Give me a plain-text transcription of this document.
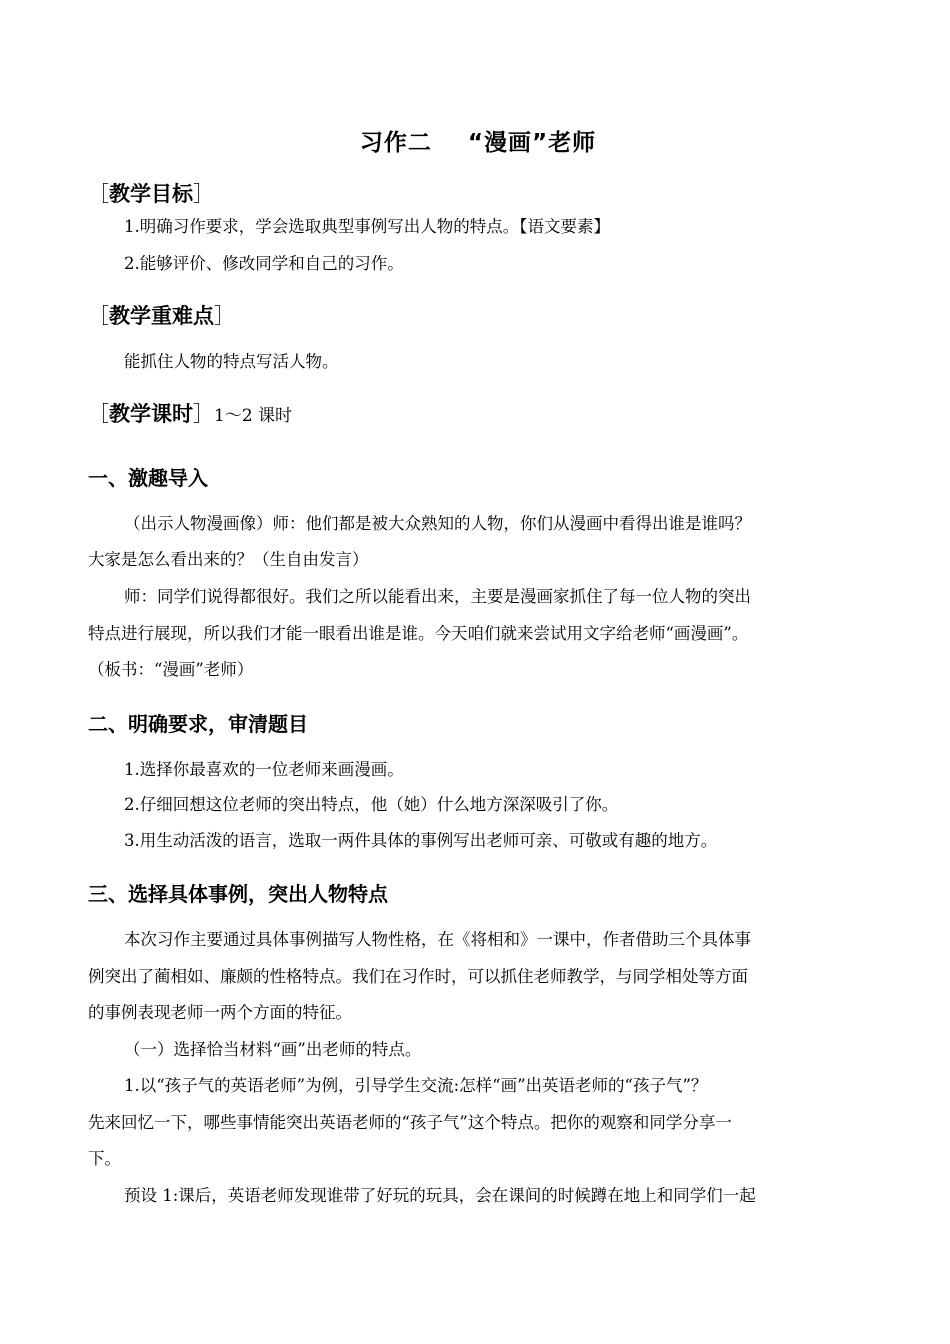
习作二    “漫画”老师
［教学目标］
1.明确习作要求，学会选取典型事例写出人物的特点。【语文要素】
2.能够评价、修改同学和自己的习作。
［教学重难点］
能抓住人物的特点写活人物。
［教学课时］1～2 课时
一、激趣导入
（出示人物漫画像）师：他们都是被大众熟知的人物，你们从漫画中看得出谁是谁吗？
大家是怎么看出来的？（生自由发言）
师：同学们说得都很好。我们之所以能看出来，主要是漫画家抓住了每一位人物的突出
特点进行展现，所以我们才能一眼看出谁是谁。今天咱们就来尝试用文字给老师“画漫画”。
（板书：“漫画”老师）
二、明确要求，审清题目
1.选择你最喜欢的一位老师来画漫画。
2.仔细回想这位老师的突出特点，他（她）什么地方深深吸引了你。
3.用生动活泼的语言，选取一两件具体的事例写出老师可亲、可敬或有趣的地方。
三、选择具体事例，突出人物特点
本次习作主要通过具体事例描写人物性格，在《将相和》一课中，作者借助三个具体事
例突出了蔺相如、廉颇的性格特点。我们在习作时，可以抓住老师教学，与同学相处等方面
的事例表现老师一两个方面的特征。
（一）选择恰当材料“画”出老师的特点。
1.以“孩子气的英语老师”为例，引导学生交流:怎样“画”出英语老师的“孩子气”？
先来回忆一下，哪些事情能突出英语老师的“孩子气”这个特点。把你的观察和同学分享一
下。
预设 1:课后，英语老师发现谁带了好玩的玩具，会在课间的时候蹲在地上和同学们一起
